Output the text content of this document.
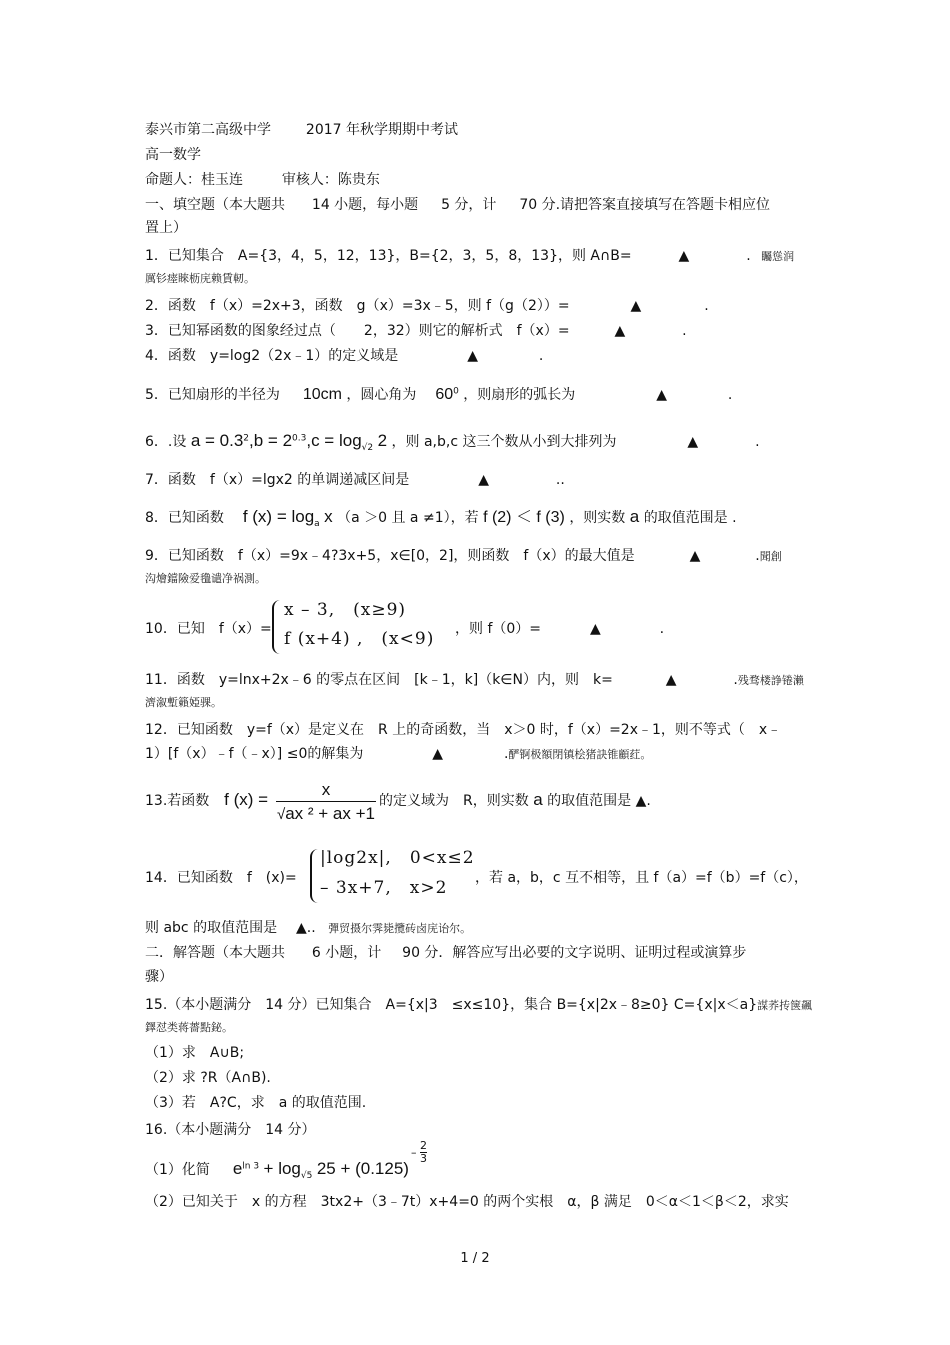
泰兴市第二高级中学 2017 年秋学期期中考试
高一数学
命题人：桂玉连	审核人：陈贵东
一、填空题（本大题共 14 小题，每小题 5 分，计 70 分.请把答案直接填写在答题卡相应位
置上）
1．已知集合　A={3，4，5，12，13}，B={2，3，5，8，13}，则 A∩B=	▲	. 矚慫润
厲钐瘗睞枥庑赖賃軔。
2．函数　f（x）=2x+3，函数　g（x）=3x﹣5，则 f（g（2））=	▲	.
3．已知幂函数的图象经过点（　　2，32）则它的解析式　f（x）=	▲	.
4．函数　y=log2（2x﹣1）的定义域是	▲	.
5．已知扇形的半径为 10cm ，圆心角为 $60^0$ ，则扇形的弧长为	▲	.
6．.设 $a = 0.3^2,b = 2^{0.3},c = \log_{√2} 2$ ，则 a,b,c 这三个数从小到大排列为	▲	.
7．函数　f（x）=lgx2 的单调递减区间是	▲	..
8．已知函数 f $(x) = \log_a x$ （a ＞0 且 a ≠1），若 f (2) ＜ f (3) ，则实数 a 的取值范围是 .
9．已知函数　f（x）=9x﹣4?3x+5，x∈[0，2]，则函数　f（x）的最大值是	▲	.聞創
沟燴鐺險爱氇谴净祸測。
10．已知　f（x）=
x – 3,　(x≥9)
f (x+4) ,　(x<9) ，则 f（0）=	▲	.
11．函数　y=lnx+2x﹣6 的零点在区间　[k﹣1，k]（k∈N）内，则　k=	▲	.残骛楼諍锩瀨
濟溆塹籟婭骒。
12．已知函数　y=f（x）是定义在　R 上的奇函数，当　x＞0 时，f（x）=2x﹣1，则不等式（　x﹣
1）[f（x）﹣f（﹣x）] ≤0的解集为	▲	.酽锕极額閉镇桧猪訣锥顧荭。
13.若函数 f (x) =
x
√ax ² + ax +1
的定义域为　R，则实数 a 的取值范围是 ▲.
14．已知函数　f　(x)=
|log2x|,　0<x≤2
– 3x+7,　x>2 ，若 a，b，c 互不相等，且 f（a）=f（b）=f（c），
则 abc 的取值范围是 ▲.. 彈贸摄尔霁毙攬砖卤庑诒尔。
二．解答题（本大题共 6 小题，计 90 分．解答应写出必要的文字说明、证明过程或演算步
骤）
15.（本小题满分　14 分）已知集合　A={x|3　≤x≤10}，集合 B={x|2x﹣8≥0} C={x|x＜a}謀荞抟箧飆
鐸怼类蒋薔點鉍。
（1）求　A∪B;
（2）求 ?R（A∩B).
（3）若　A?C，求　a 的取值范围.
16.（本小题满分　14 分）
（1）化简 $e^{ln 3} + \log_{√5} 25 + (0.125)$
– $\frac{2}{3}$
（2）已知关于　x 的方程　3tx2+（3﹣7t）x+4=0 的两个实根　α，β 满足　0＜α＜1＜β＜2，求实
1 / 2
